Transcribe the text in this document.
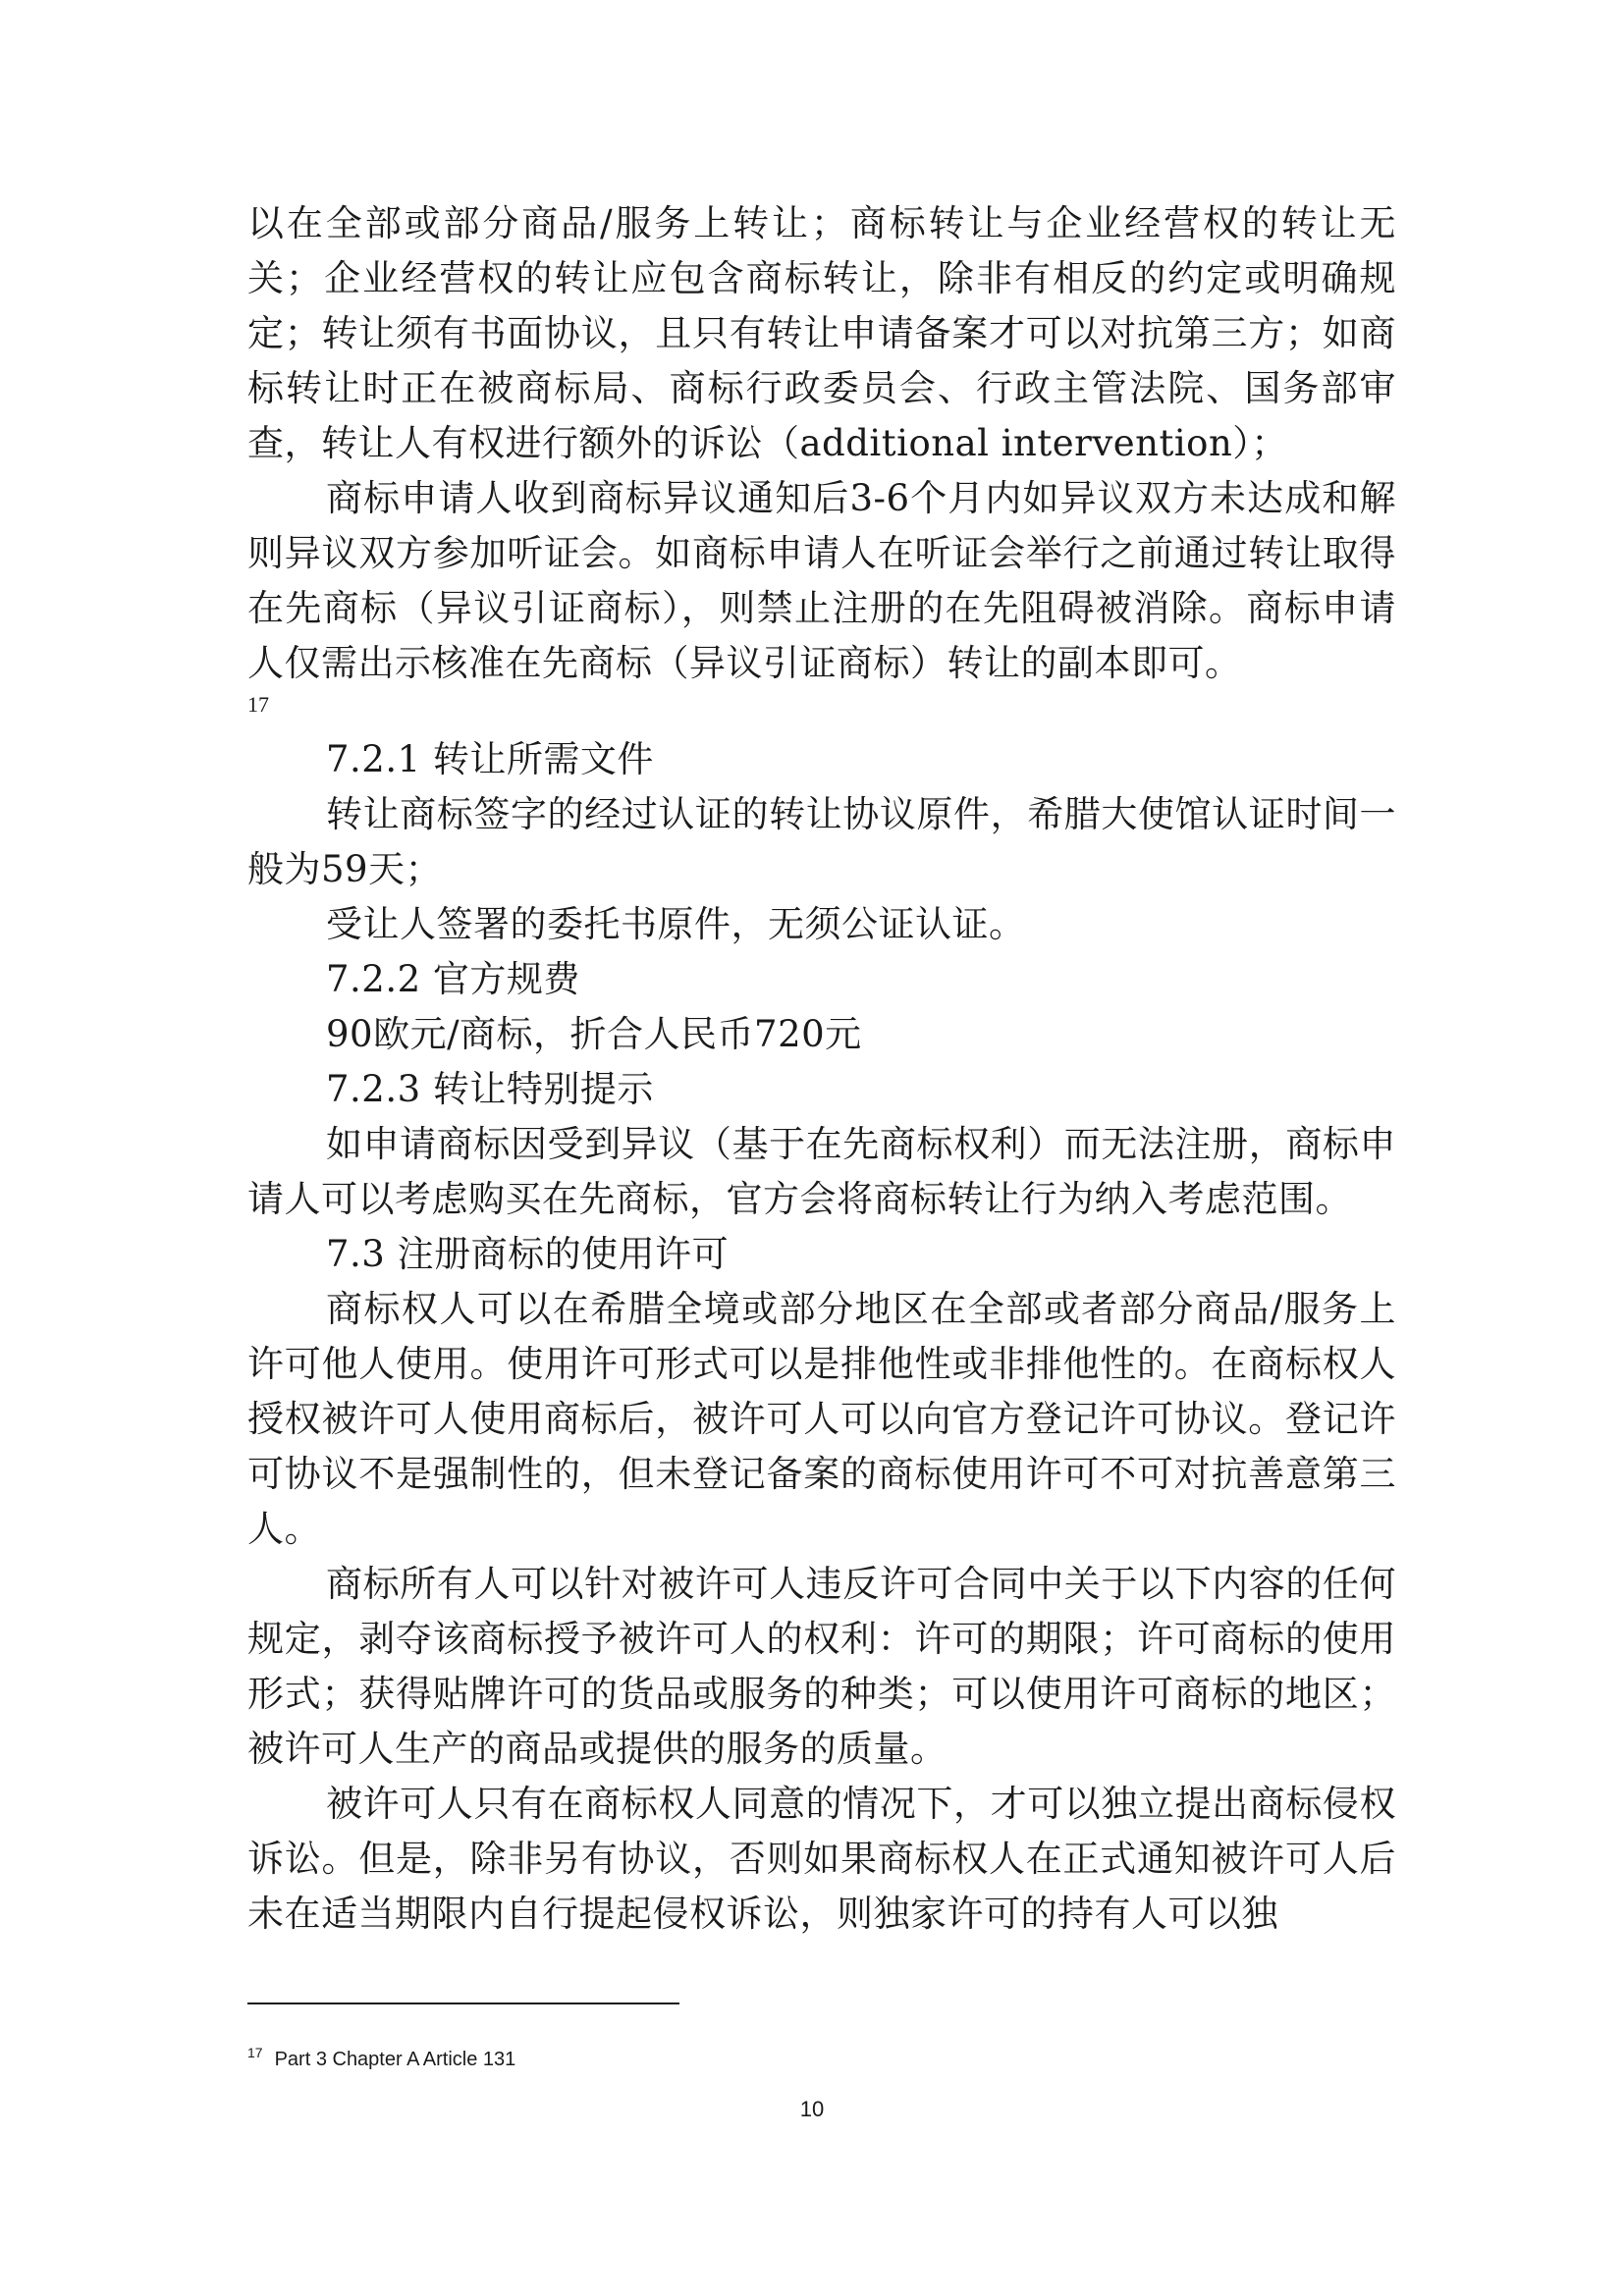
以在全部或部分商品/服务上转让；商标转让与企业经营权的转让无关；企业经营权的转让应包含商标转让，除非有相反的约定或明确规定；转让须有书面协议，且只有转让申请备案才可以对抗第三方；如商标转让时正在被商标局、商标行政委员会、行政主管法院、国务部审查，转让人有权进行额外的诉讼（additional intervention）；

商标申请人收到商标异议通知后3-6个月内如异议双方未达成和解则异议双方参加听证会。如商标申请人在听证会举行之前通过转让取得在先商标（异议引证商标），则禁止注册的在先阻碍被消除。商标申请人仅需出示核准在先商标（异议引证商标）转让的副本即可。

17

7.2.1 转让所需文件

转让商标签字的经过认证的转让协议原件，希腊大使馆认证时间一般为59天；

受让人签署的委托书原件，无须公证认证。

7.2.2 官方规费

90欧元/商标，折合人民币720元

7.2.3 转让特别提示

如申请商标因受到异议（基于在先商标权利）而无法注册，商标申请人可以考虑购买在先商标，官方会将商标转让行为纳入考虑范围。

7.3 注册商标的使用许可

商标权人可以在希腊全境或部分地区在全部或者部分商品/服务上许可他人使用。使用许可形式可以是排他性或非排他性的。在商标权人授权被许可人使用商标后，被许可人可以向官方登记许可协议。登记许可协议不是强制性的，但未登记备案的商标使用许可不可对抗善意第三人。

商标所有人可以针对被许可人违反许可合同中关于以下内容的任何规定，剥夺该商标授予被许可人的权利：许可的期限；许可商标的使用形式；获得贴牌许可的货品或服务的种类；可以使用许可商标的地区；被许可人生产的商品或提供的服务的质量。

被许可人只有在商标权人同意的情况下，才可以独立提出商标侵权诉讼。但是，除非另有协议，否则如果商标权人在正式通知被许可人后未在适当期限内自行提起侵权诉讼，则独家许可的持有人可以独

$^{17}$ Part 3 Chapter A Article 131
10
